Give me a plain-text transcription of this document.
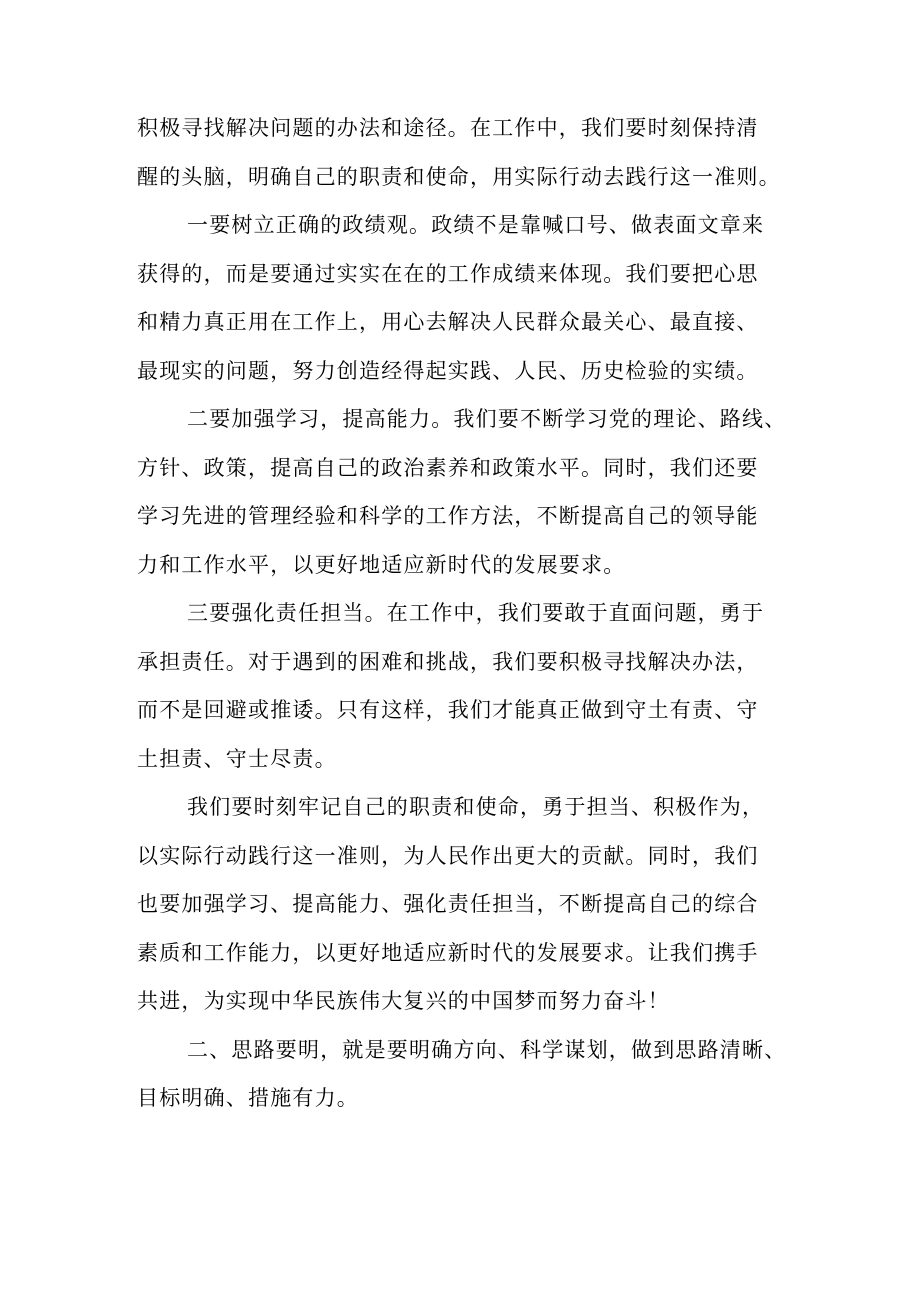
积极寻找解决问题的办法和途径。在工作中，我们要时刻保持清
醒的头脑，明确自己的职责和使命，用实际行动去践行这一准则。
一要树立正确的政绩观。政绩不是靠喊口号、做表面文章来
获得的，而是要通过实实在在的工作成绩来体现。我们要把心思
和精力真正用在工作上，用心去解决人民群众最关心、最直接、
最现实的问题，努力创造经得起实践、人民、历史检验的实绩。
二要加强学习，提高能力。我们要不断学习党的理论、路线、
方针、政策，提高自己的政治素养和政策水平。同时，我们还要
学习先进的管理经验和科学的工作方法，不断提高自己的领导能
力和工作水平，以更好地适应新时代的发展要求。
三要强化责任担当。在工作中，我们要敢于直面问题，勇于
承担责任。对于遇到的困难和挑战，我们要积极寻找解决办法，
而不是回避或推诿。只有这样，我们才能真正做到守土有责、守
土担责、守士尽责。
我们要时刻牢记自己的职责和使命，勇于担当、积极作为，
以实际行动践行这一准则，为人民作出更大的贡献。同时，我们
也要加强学习、提高能力、强化责任担当，不断提高自己的综合
素质和工作能力，以更好地适应新时代的发展要求。让我们携手
共进，为实现中华民族伟大复兴的中国梦而努力奋斗！
二、思路要明，就是要明确方向、科学谋划，做到思路清晰、
目标明确、措施有力。
